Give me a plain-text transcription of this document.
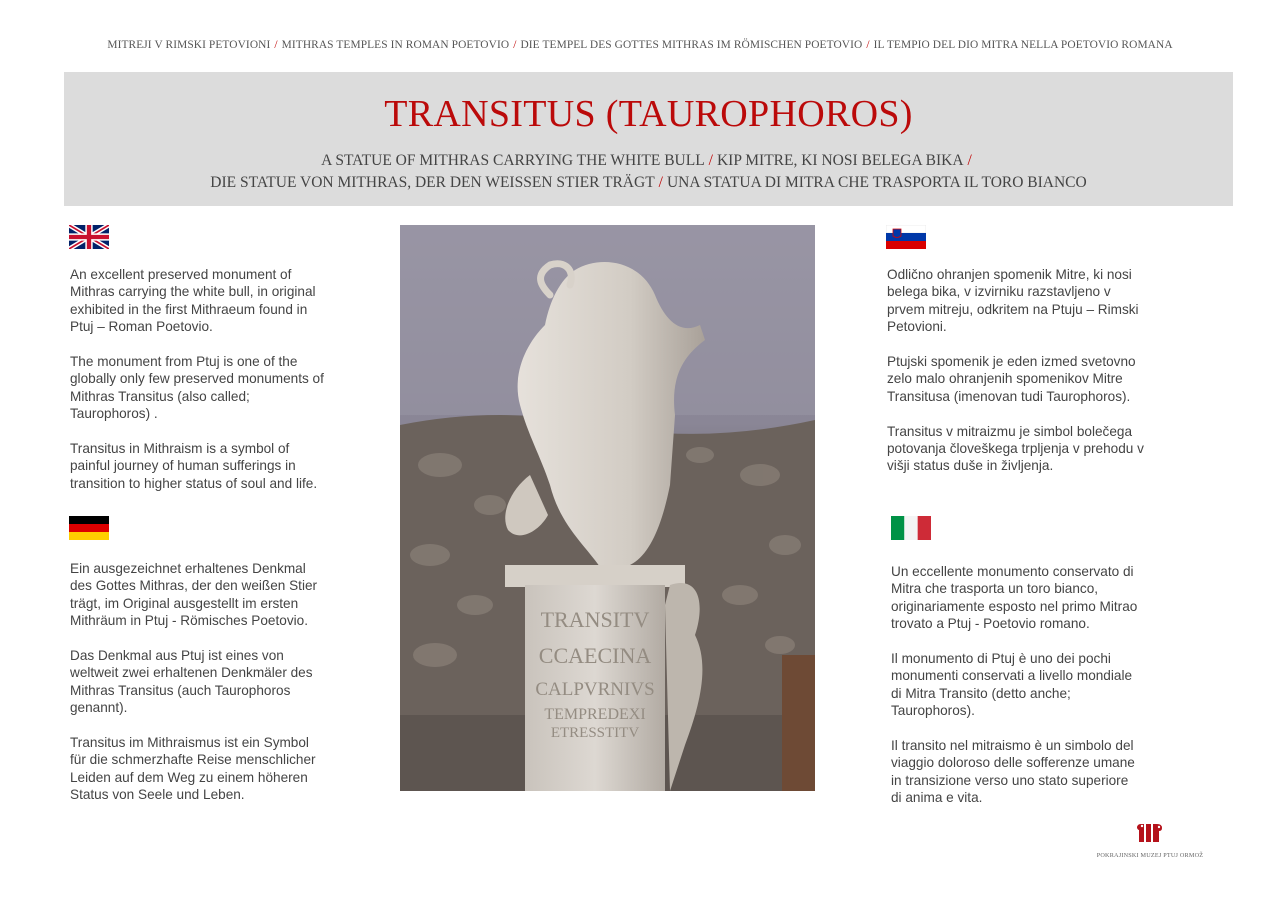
MITREJI V RIMSKI PETOVIONI / MITHRAS TEMPLES IN ROMAN POETOVIO / DIE TEMPEL DES GOTTES MITHRAS IM RÖMISCHEN POETOVIO / IL TEMPIO DEL DIO MITRA NELLA POETOVIO ROMANA
TRANSITUS (TAUROPHOROS)
A STATUE OF MITHRAS CARRYING THE WHITE BULL / KIP MITRE, KI NOSI BELEGA BIKA /
DIE STATUE VON MITHRAS, DER DEN WEISSEN STIER TRÄGT / UNA STATUA DI MITRA CHE TRASPORTA IL TORO BIANCO

An excellent preserved monument of Mithras carrying the white bull, in original exhibited in the first Mithraeum found in Ptuj – Roman Poetovio.

The monument from Ptuj is one of the globally only few preserved monuments of Mithras Transitus (also called; Taurophoros) .

Transitus in Mithraism is a symbol of painful journey of human sufferings in transition to higher status of soul and life.

Ein ausgezeichnet erhaltenes Denkmal des Gottes Mithras, der den weißen Stier trägt, im Original ausgestellt im ersten Mithräum in Ptuj - Römisches Poetovio.

Das Denkmal aus Ptuj ist eines von weltweit zwei erhaltenen Denkmäler des Mithras Transitus (auch Taurophoros genannt).

Transitus im Mithraismus ist ein Symbol für die schmerzhafte Reise menschlicher Leiden auf dem Weg zu einem höheren Status von Seele und Leben.

TRANSITV
CCAECINA
CALPVRNIVS
TEMPREDEXI
ETRESSTITV

Odlično ohranjen spomenik Mitre, ki nosi belega bika, v izvirniku razstavljeno v prvem mitreju, odkritem na Ptuju – Rimski Petovioni.

Ptujski spomenik je eden izmed svetovno zelo malo ohranjenih spomenikov Mitre Transitusa (imenovan tudi Taurophoros).

Transitus v mitraizmu je simbol bolečega potovanja človeškega trpljenja v prehodu v višji status duše in življenja.

Un eccellente monumento conservato di Mitra che trasporta un toro bianco, originariamente esposto nel primo Mitrao trovato a Ptuj - Poetovio romano.

Il monumento di Ptuj è uno dei pochi monumenti conservati a livello mondiale di Mitra Transito (detto anche; Taurophoros).

Il transito nel mitraismo è un simbolo del viaggio doloroso delle sofferenze umane in transizione verso uno stato superiore di anima e vita.

POKRAJINSKI MUZEJ PTUJ ORMOŽ
